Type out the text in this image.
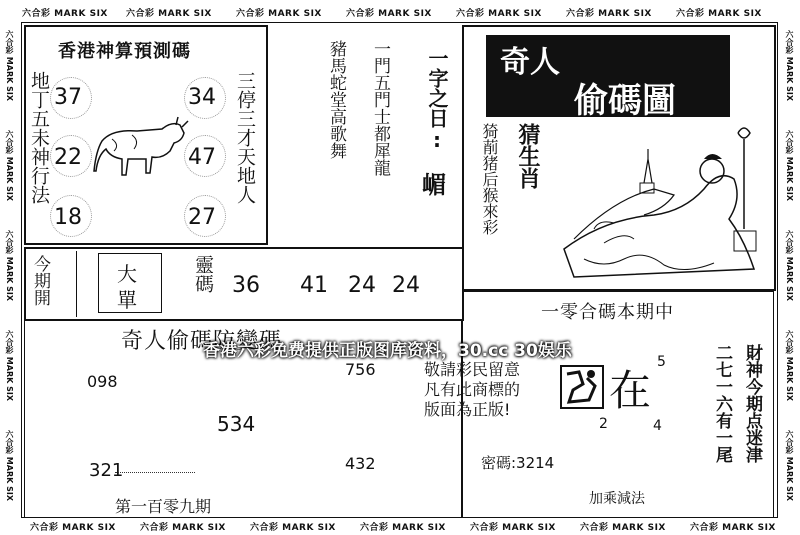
六合彩 MARK SIX 六合彩 MARK SIX	六合彩 MARK SIX	六合彩 MARK SIX	六合彩 MARK SIX	六合彩 MARK SIX	六合彩 MARK SIX
六合彩 MARK SIX	六合彩 MARK SIX	六合彩 MARK SIX	六合彩 MARK SIX	六合彩 MARK SIX	六合彩 MARK SIX	六合彩 MARK SIX
六合彩 MARK SIX
六合彩 MARK SIX
六合彩 MARK SIX
六合彩 MARK SIX
六合彩 MARK SIX
六合彩 MARK SIX
六合彩 MARK SIX
六合彩 MARK SIX
六合彩 MARK SIX
六合彩 MARK SIX
香港神算預測碼
地丁五未神行法 37
22
18
34
47
27
三停三才天地人	豬馬蛇堂高歌舞 一門五門士都犀龍 一字之日:
嵋
今期開	大
單
靈碼 36 41 24 24
奇人
偷碼圖
猜生肖
猗萷猪后猴來彩
奇人偷碼防變碼
098
756
534
321	432
第一百零九期
敬請彩民留意
凡有此商標的
版面為正版!
一零合碼本期中
在
5
2	4
密碼:3214
加乘減法
二七一六有一尾 財神今期点迷津
香港六彩免费提供正版图库资料，30.cc 30娱乐
